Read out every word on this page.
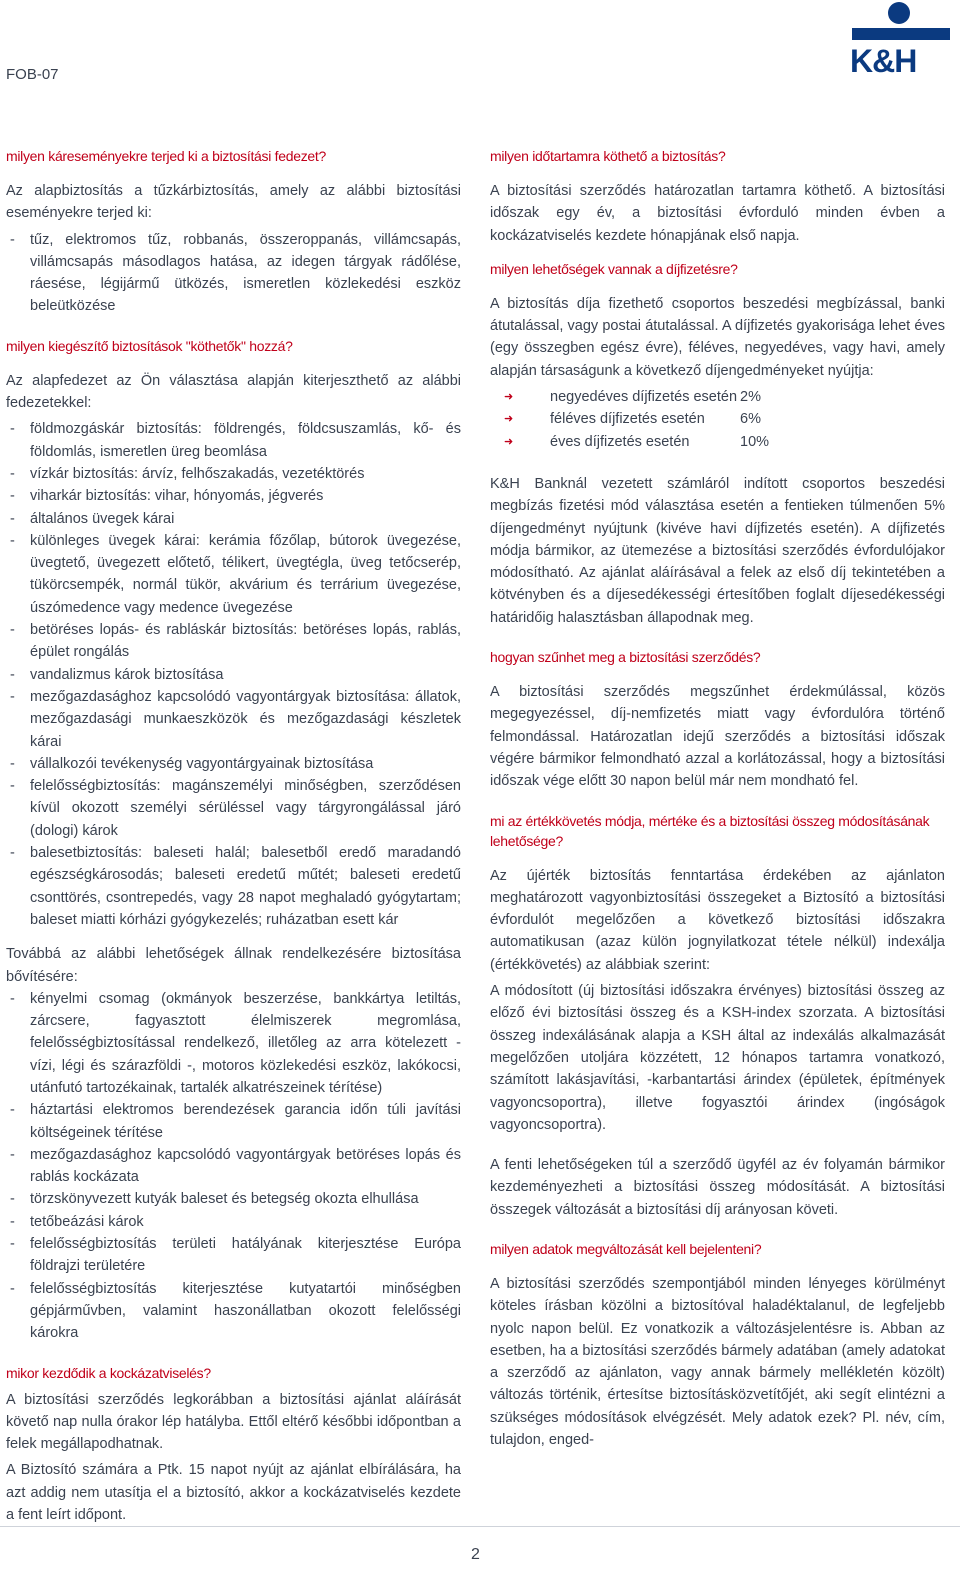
FOB-07	K&H
milyen káreseményekre terjed ki a biztosítási fedezet?

Az alapbiztosítás a tűzkárbiztosítás, amely az alábbi biztosítási eseményekre terjed ki:

- tűz, elektromos tűz, robbanás, összeroppanás, villámcsapás, villámcsapás másodlagos hatása, az idegen tárgyak rádőlése, ráesése, légijármű ütközés, ismeretlen közlekedési eszköz beleütközése
milyen kiegészítő biztosítások "köthetők" hozzá?

Az alapfedezet az Ön választása alapján kiterjeszthető az alábbi fedezetekkel:

- földmozgáskár biztosítás: földrengés, földcsuszamlás, kő- és földomlás, ismeretlen üreg beomlása
- vízkár biztosítás: árvíz, felhőszakadás, vezetéktörés
- viharkár biztosítás: vihar, hónyomás, jégverés
- általános üvegek kárai
- különleges üvegek kárai: kerámia főzőlap, bútorok üvegezése, üvegtető, üvegezett előtető, télikert, üvegtégla, üveg tetőcserép, tükörcsempék, normál tükör, akvárium és terrárium üvegezése, úszómedence vagy medence üvegezése
- betöréses lopás- és rabláskár biztosítás: betöréses lopás, rablás, épület rongálás
- vandalizmus károk biztosítása
- mezőgazdasághoz kapcsolódó vagyontárgyak biztosítása: állatok, mezőgazdasági munkaeszközök és mezőgazdasági készletek kárai
- vállalkozói tevékenység vagyontárgyainak biztosítása
- felelősségbiztosítás: magánszemélyi minőségben, szerződésen kívül okozott személyi sérüléssel vagy tárgyrongálással járó (dologi) károk
- balesetbiztosítás: baleseti halál; balesetből eredő maradandó egészségkárosodás; baleseti eredetű műtét; baleseti eredetű csonttörés, csontrepedés, vagy 28 napot meghaladó gyógytartam; baleset miatti kórházi gyógykezelés; ruházatban esett kár

Továbbá az alábbi lehetőségek állnak rendelkezésére biztosítása bővítésére:

- kényelmi csomag (okmányok beszerzése, bankkártya letiltás, zárcsere, fagyasztott élelmiszerek megromlása, felelősségbiztosítással rendelkező, illetőleg az arra kötelezett - vízi, légi és szárazföldi -, motoros közlekedési eszköz, lakókocsi, utánfutó tartozékainak, tartalék alkatrészeinek térítése)
- háztartási elektromos berendezések garancia időn túli javítási költségeinek térítése
- mezőgazdasághoz kapcsolódó vagyontárgyak betöréses lopás és rablás kockázata
- törzskönyvezett kutyák baleset és betegség okozta elhullása
- tetőbeázási károk
- felelősségbiztosítás területi hatályának kiterjesztése Európa földrajzi területére
- felelősségbiztosítás kiterjesztése kutyatartói minőségben gépjárművben, valamint haszonállatban okozott felelősségi károkra
mikor kezdődik a kockázatviselés?

A biztosítási szerződés legkorábban a biztosítási ajánlat aláírását követő nap nulla órakor lép hatályba. Ettől eltérő későbbi időpontban a felek megállapodhatnak.

A Biztosító számára a Ptk. 15 napot nyújt az ajánlat elbírálására, ha azt addig nem utasítja el a biztosító, akkor a kockázatviselés kezdete a fent leírt időpont.

milyen időtartamra köthető a biztosítás?

A biztosítási szerződés határozatlan tartamra köthető. A biztosítási időszak egy év, a biztosítási évforduló minden évben a kockázatviselés kezdete hónapjának első napja.

milyen lehetőségek vannak a díjfizetésre?

A biztosítás díja fizethető csoportos beszedési megbízással, banki átutalással, vagy postai átutalással. A díjfizetés gyakorisága lehet éves (egy összegben egész évre), féléves, negyedéves, vagy havi, amely alapján társaságunk a következő díjengedményeket nyújtja:

➜	negyedéves díjfizetés esetén 2%
➜	féléves díjfizetés esetén 6%
➜	éves díjfizetés esetén	10%

K&H Banknál vezetett számláról indított csoportos beszedési megbízás fizetési mód választása esetén a fentieken túlmenően 5% díjengedményt nyújtunk (kivéve havi díjfizetés esetén). A díjfizetés módja bármikor, az ütemezése a biztosítási szerződés évfordulójakor módosítható. Az ajánlat aláírásával a felek az első díj tekintetében a kötvényben és a díjesedékességi értesítőben foglalt díjesedékességi határidőig halasztásban állapodnak meg.

hogyan szűnhet meg a biztosítási szerződés?

A biztosítási szerződés megszűnhet érdekmúlással, közös megegyezéssel, díj-nemfizetés miatt vagy évfordulóra történő felmondással. Határozatlan idejű szerződés a biztosítási időszak végére bármikor felmondható azzal a korlátozással, hogy a biztosítási időszak vége előtt 30 napon belül már nem mondható fel.

mi az értékkövetés módja, mértéke és a biztosítási összeg módosításának lehetősége?

Az újérték biztosítás fenntartása érdekében az ajánlaton meghatározott vagyonbiztosítási összegeket a Biztosító a biztosítási évfordulót megelőzően a következő biztosítási időszakra automatikusan (azaz külön jognyilatkozat tétele nélkül) indexálja (értékkövetés) az alábbiak szerint:

A módosított (új biztosítási időszakra érvényes) biztosítási összeg az előző évi biztosítási összeg és a KSH-index szorzata. A biztosítási összeg indexálásának alapja a KSH által az indexálás alkalmazását megelőzően utoljára közzétett, 12 hónapos tartamra vonatkozó, számított lakásjavítási, -karbantartási árindex (épületek, építmények vagyoncsoportra), illetve fogyasztói árindex (ingóságok vagyoncsoportra).

A fenti lehetőségeken túl a szerződő ügyfél az év folyamán bármikor kezdeményezheti a biztosítási összeg módosítását. A biztosítási összegek változását a biztosítási díj arányosan követi.

milyen adatok megváltozását kell bejelenteni?

A biztosítási szerződés szempontjából minden lényeges körülményt köteles írásban közölni a biztosítóval haladéktalanul, de legfeljebb nyolc napon belül. Ez vonatkozik a változásjelentésre is. Abban az esetben, ha a biztosítási szerződés bármely adatában (amely adatokat a szerződő az ajánlaton, vagy annak bármely mellékletén közölt) változás történik, értesítse biztosításközvetítőjét, aki segít elintézni a szükséges módosítások elvégzését. Mely adatok ezek? Pl. név, cím, tulajdon, enged-

2
